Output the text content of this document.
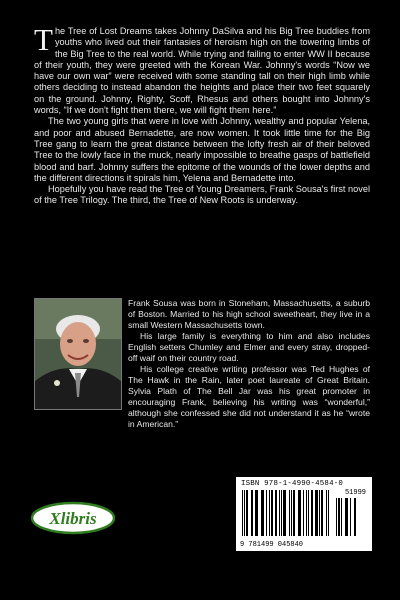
The Tree of Lost Dreams takes Johnny DaSilva and his Big Tree buddies from youths who lived out their fantasies of heroism high on the towering limbs of the Big Tree to the real world. While trying and failing to enter WW II because of their youth, they were greeted with the Korean War. Johnny's words “Now we have our own war” were received with some standing tall on their high limb while others deciding to instead abandon the heights and place their two feet squarely on the ground. Johnny, Righty, Scoff, Rhesus and others bought into Johnny's words, “If we don't fight them there, we will fight them here.”

The two young girls that were in love with Johnny, wealthy and popular Yelena, and poor and abused Bernadette, are now women. It took little time for the Big Tree gang to learn the great distance between the lofty fresh air of their beloved Tree to the lowly face in the muck, nearly impossible to breathe gasps of battlefield blood and barf. Johnny suffers the epitome of the wounds of the lower depths and the different directions it spirals him, Yelena and Bernadette into.

Hopefully you have read the Tree of Young Dreamers, Frank Sousa's first novel of the Tree Trilogy. The third, the Tree of New Roots is underway.

Frank Sousa was born in Stoneham, Massachusetts, a suburb of Boston. Married to his high school sweetheart, they live in a small Western Massachusetts town.

His large family is everything to him and also includes English setters Chumley and Elmer and every stray, dropped-off waif on their country road.

His college creative writing professor was Ted Hughes of The Hawk in the Rain, later poet laureate of Great Britain. Sylvia Plath of The Bell Jar was his great promoter in encouraging Frank, believing his writing was “wonderful,” although she confessed she did not understand it as he “wrote in American.”

Xlibris
ISBN 978-1-4990-4584-0
51999
9 781499 045840
